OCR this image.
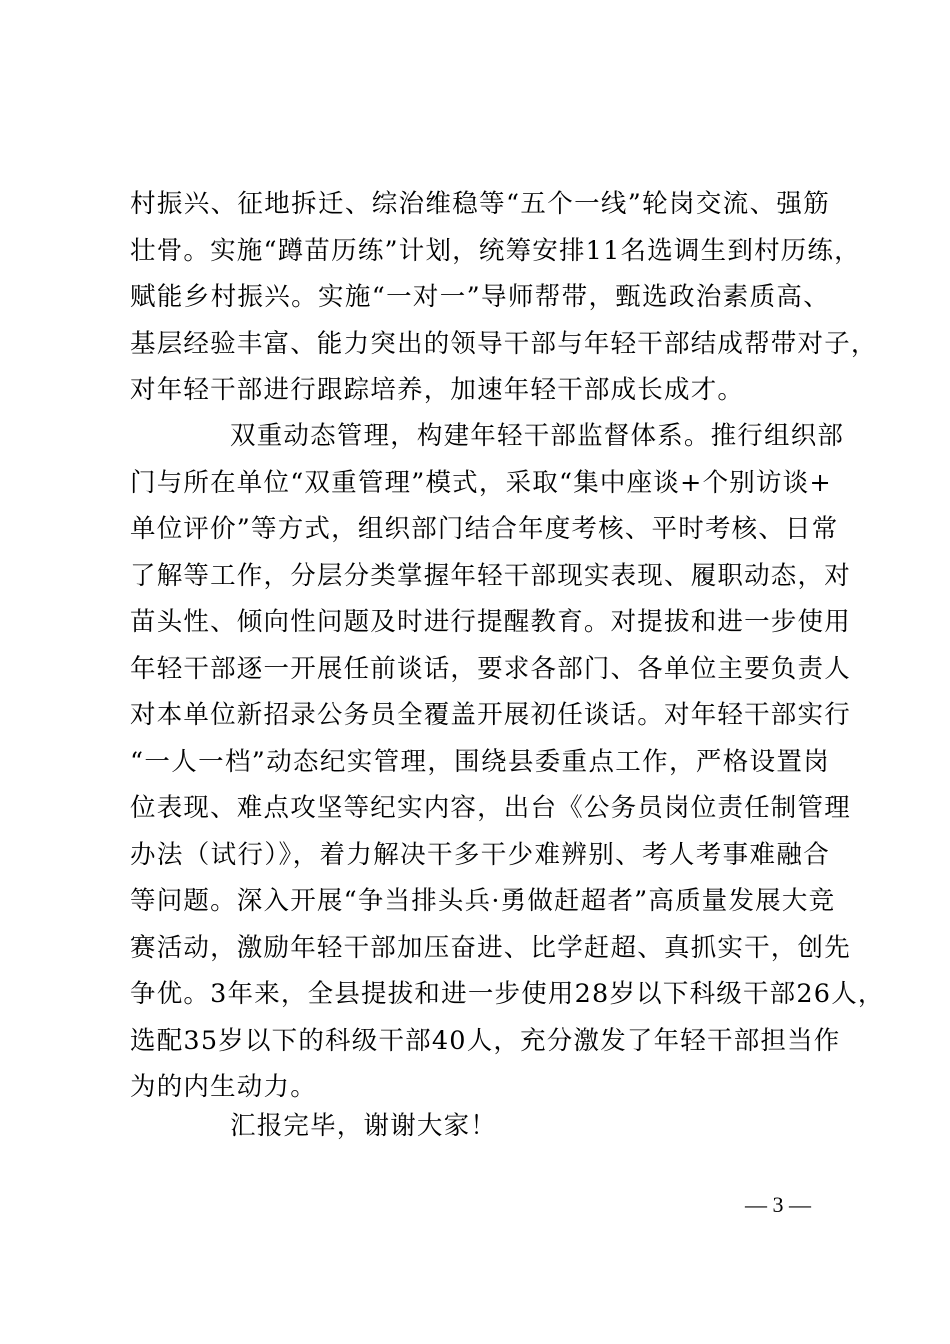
村振兴、征地拆迁、综治维稳等“五个一线”轮岗交流、强筋
壮骨。实施“蹲苗历练”计划，统筹安排11名选调生到村历练，
赋能乡村振兴。实施“一对一”导师帮带，甄选政治素质高、
基层经验丰富、能力突出的领导干部与年轻干部结成帮带对子，
对年轻干部进行跟踪培养，加速年轻干部成长成才。
双重动态管理，构建年轻干部监督体系。推行组织部
门与所在单位“双重管理”模式，采取“集中座谈+个别访谈+
单位评价”等方式，组织部门结合年度考核、平时考核、日常
了解等工作，分层分类掌握年轻干部现实表现、履职动态，对
苗头性、倾向性问题及时进行提醒教育。对提拔和进一步使用
年轻干部逐一开展任前谈话，要求各部门、各单位主要负责人
对本单位新招录公务员全覆盖开展初任谈话。对年轻干部实行
“一人一档”动态纪实管理，围绕县委重点工作，严格设置岗
位表现、难点攻坚等纪实内容，出台《公务员岗位责任制管理
办法（试行）》，着力解决干多干少难辨别、考人考事难融合
等问题。深入开展“争当排头兵·勇做赶超者”高质量发展大竞
赛活动，激励年轻干部加压奋进、比学赶超、真抓实干，创先
争优。3年来，全县提拔和进一步使用28岁以下科级干部26人，
选配35岁以下的科级干部40人，充分激发了年轻干部担当作
为的内生动力。
汇报完毕，谢谢大家！
— 3 —
